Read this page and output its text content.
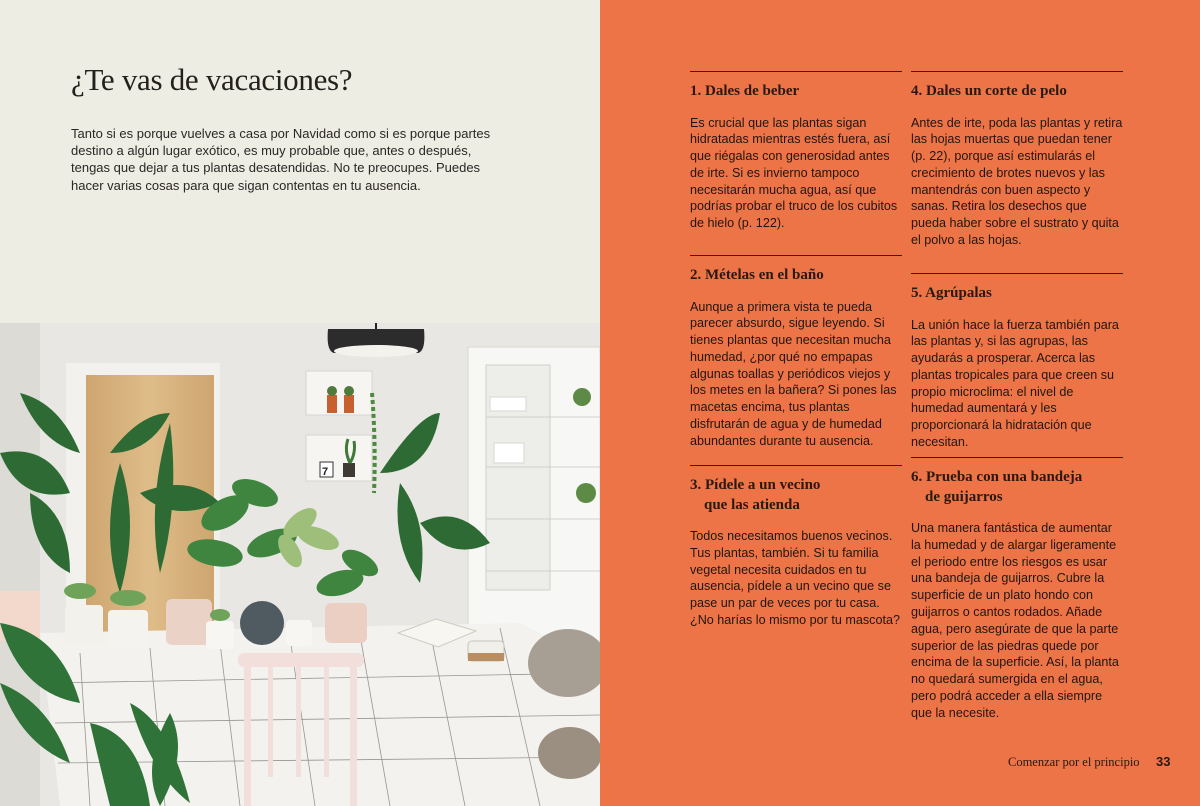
¿Te vas de vacaciones?

Tanto si es porque vuelves a casa por Navidad como si es porque partes destino a algún lugar exótico, es muy probable que, antes o después, tengas que dejar a tus plantas desatendidas. No te preocupes. Puedes hacer varias cosas para que sigan contentas en tu ausencia.

7
1. Dales de beber

Es crucial que las plantas sigan hidratadas mientras estés fuera, así que riégalas con generosidad antes de irte. Si es invierno tampoco necesitarán mucha agua, así que podrías probar el truco de los cubitos de hielo (p. 122).

2. Mételas en el baño

Aunque a primera vista te pueda parecer absurdo, sigue leyendo. Si tienes plantas que necesitan mucha humedad, ¿por qué no empapas algunas toallas y periódicos viejos y los metes en la bañera? Si pones las macetas encima, tus plantas disfrutarán de agua y de humedad abundantes durante tu ausencia.

3. Pídele a un vecino
que las atienda

Todos necesitamos buenos vecinos. Tus plantas, también. Si tu familia vegetal necesita cuidados en tu ausencia, pídele a un vecino que se pase un par de veces por tu casa. ¿No harías lo mismo por tu mascota?

4. Dales un corte de pelo

Antes de irte, poda las plantas y retira las hojas muertas que puedan tener (p. 22), porque así estimularás el crecimiento de brotes nuevos y las mantendrás con buen aspecto y sanas. Retira los desechos que pueda haber sobre el sustrato y quita el polvo a las hojas.

5. Agrúpalas

La unión hace la fuerza también para las plantas y, si las agrupas, las ayudarás a prosperar. Acerca las plantas tropicales para que creen su propio microclima: el nivel de humedad aumentará y les proporcionará la hidratación que necesitan.

6. Prueba con una bandeja
de guijarros

Una manera fantástica de aumentar la humedad y de alargar ligeramente el periodo entre los riesgos es usar una bandeja de guijarros. Cubre la superficie de un plato hondo con guijarros o cantos rodados. Añade agua, pero asegúrate de que la parte superior de las piedras quede por encima de la superficie. Así, la planta no quedará sumergida en el agua, pero podrá acceder a ella siempre que la necesite.

Comenzar por el principio 33
